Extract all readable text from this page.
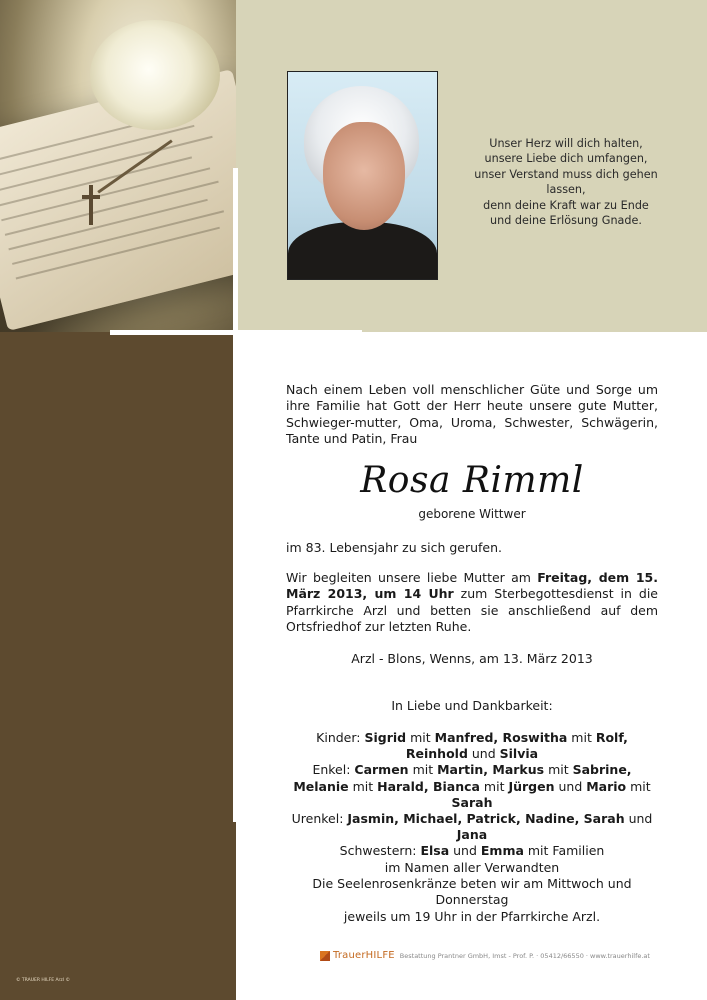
Unser Herz will dich halten,
unsere Liebe dich umfangen,
unser Verstand muss dich gehen lassen,
denn deine Kraft war zu Ende
und deine Erlösung Gnade.
Nach einem Leben voll menschlicher Güte und Sorge um ihre Familie hat Gott der Herr heute unsere gute Mutter, Schwieger-mutter, Oma, Uroma, Schwester, Schwägerin, Tante und Patin, Frau
Rosa Rimml
geborene Wittwer
im 83. Lebensjahr zu sich gerufen.
Wir begleiten unsere liebe Mutter am Freitag, dem 15. März 2013, um 14 Uhr zum Sterbegottesdienst in die Pfarrkirche Arzl und betten sie anschließend auf dem Ortsfriedhof zur letzten Ruhe.
Arzl - Blons, Wenns, am 13. März 2013
In Liebe und Dankbarkeit:
Kinder: Sigrid mit Manfred, Roswitha mit Rolf,
Reinhold und Silvia
Enkel: Carmen mit Martin, Markus mit Sabrine,
Melanie mit Harald, Bianca mit Jürgen und Mario mit Sarah
Urenkel: Jasmin, Michael, Patrick, Nadine, Sarah und Jana
Schwestern: Elsa und Emma mit Familien
im Namen aller Verwandten
Die Seelenrosenkränze beten wir am Mittwoch und Donnerstag
jeweils um 19 Uhr in der Pfarrkirche Arzl.
TrauerHILFE Bestattung Prantner GmbH, Imst - Prof. P. · 05412/66550 · www.trauerhilfe.at
© TRAUER HILFE Arzl ©
